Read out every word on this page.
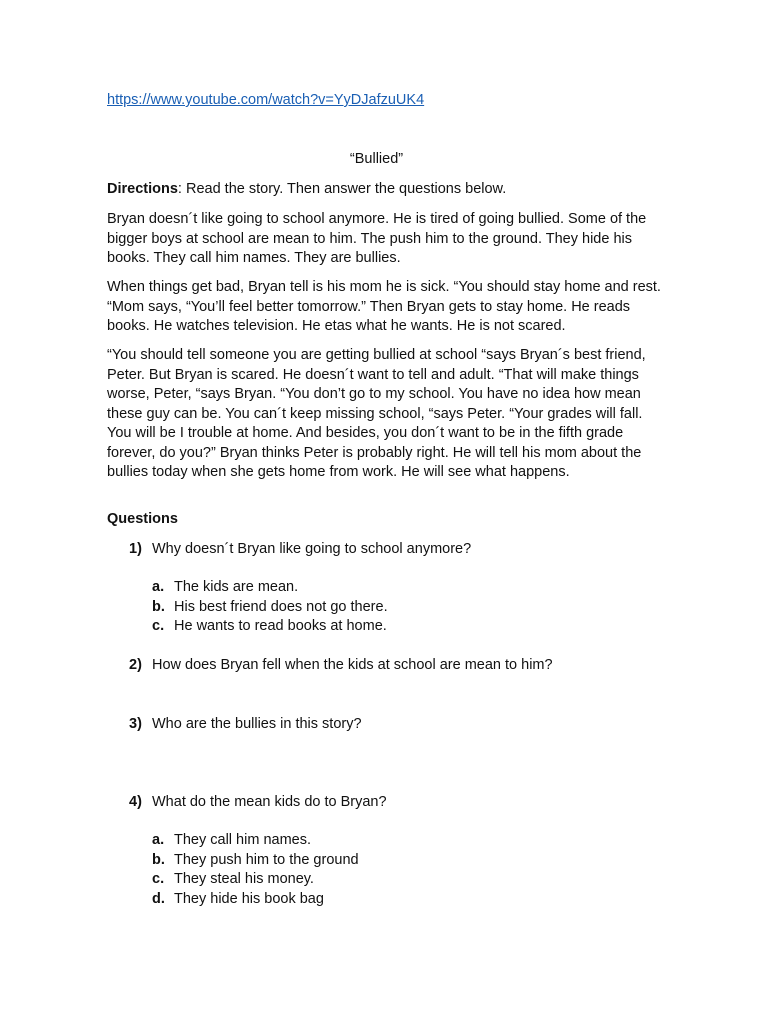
https://www.youtube.com/watch?v=YyDJafzuUK4
“Bullied”

Directions: Read the story. Then answer the questions below.

Bryan doesn´t like going to school anymore. He is tired of going bullied. Some of the bigger boys at school are mean to him. The push him to the ground. They hide his books. They call him names. They are bullies.

When things get bad, Bryan tell is his mom he is sick. “You should stay home and rest. “Mom says, “You’ll feel better tomorrow.” Then Bryan gets to stay home. He reads books. He watches television. He etas what he wants. He is not scared.

“You should tell someone you are getting bullied at school “says Bryan´s best friend, Peter. But Bryan is scared. He doesn´t want to tell and adult. “That will make things worse, Peter, “says Bryan. “You don’t go to my school. You have no idea how mean these guy can be. You can´t keep missing school, “says Peter. “Your grades will fall. You will be I trouble at home. And besides, you don´t want to be in the fifth grade forever, do you?” Bryan thinks Peter is probably right. He will tell his mom about the bullies today when she gets home from work. He will see what happens.

Questions
1) Why doesn´t Bryan like going to school anymore?
a. The kids are mean.
b. His best friend does not go there.
c. He wants to read books at home.
2) How does Bryan fell when the kids at school are mean to him?
3) Who are the bullies in this story?
4) What do the mean kids do to Bryan?
a. They call him names.
b. They push him to the ground
c. They steal his money.
d. They hide his book bag
